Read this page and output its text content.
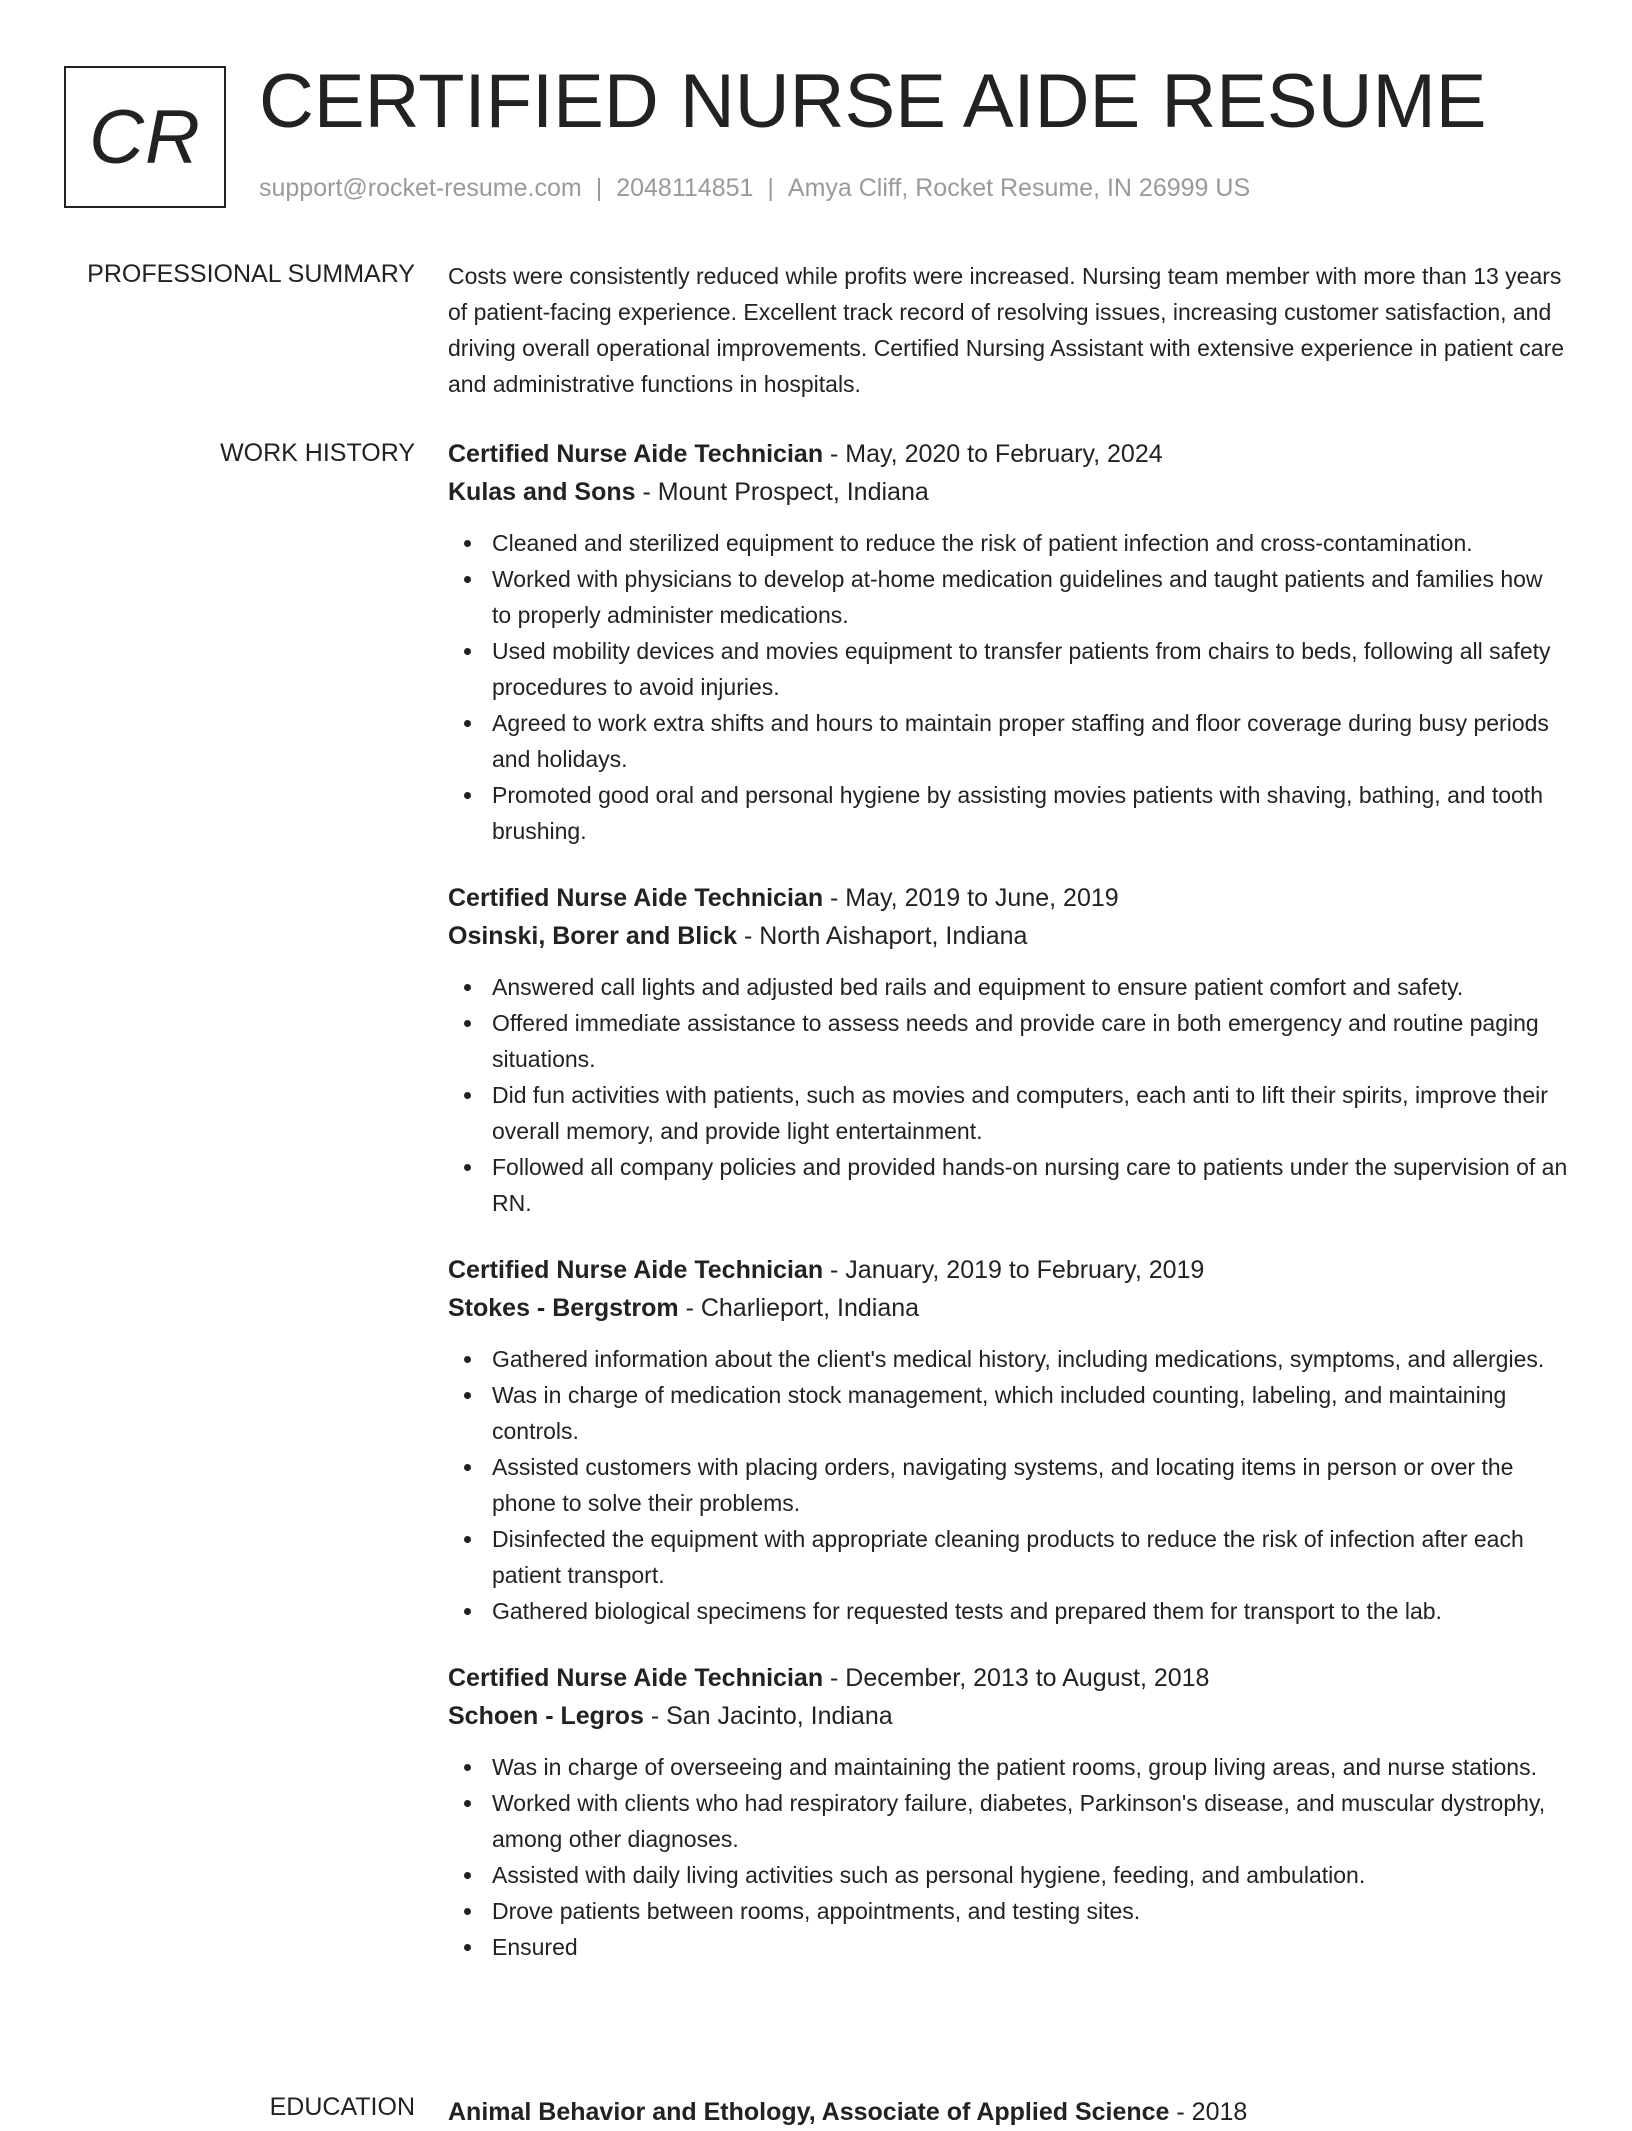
CR CERTIFIED NURSE AIDE RESUME
support@rocket-resume.com | 2048114851 | Amya Cliff, Rocket Resume, IN 26999 US
PROFESSIONAL SUMMARY Costs were consistently reduced while profits were increased. Nursing team member with more than 13 years of patient-facing experience. Excellent track record of resolving issues, increasing customer satisfaction, and driving overall operational improvements. Certified Nursing Assistant with extensive experience in patient care and administrative functions in hospitals.

WORK HISTORY Certified Nurse Aide Technician - May, 2020 to February, 2024

Kulas and Sons - Mount Prospect, Indiana

Cleaned and sterilized equipment to reduce the risk of patient infection and cross-contamination.
Worked with physicians to develop at-home medication guidelines and taught patients and families how to properly administer medications.
Used mobility devices and movies equipment to transfer patients from chairs to beds, following all safety procedures to avoid injuries.
Agreed to work extra shifts and hours to maintain proper staffing and floor coverage during busy periods and holidays.
Promoted good oral and personal hygiene by assisting movies patients with shaving, bathing, and tooth brushing.

Certified Nurse Aide Technician - May, 2019 to June, 2019

Osinski, Borer and Blick - North Aishaport, Indiana

Answered call lights and adjusted bed rails and equipment to ensure patient comfort and safety.
Offered immediate assistance to assess needs and provide care in both emergency and routine paging situations.
Did fun activities with patients, such as movies and computers, each anti to lift their spirits, improve their overall memory, and provide light entertainment.
Followed all company policies and provided hands-on nursing care to patients under the supervision of an RN.

Certified Nurse Aide Technician - January, 2019 to February, 2019

Stokes - Bergstrom - Charlieport, Indiana

Gathered information about the client's medical history, including medications, symptoms, and allergies.
Was in charge of medication stock management, which included counting, labeling, and maintaining controls.
Assisted customers with placing orders, navigating systems, and locating items in person or over the phone to solve their problems.
Disinfected the equipment with appropriate cleaning products to reduce the risk of infection after each patient transport.
Gathered biological specimens for requested tests and prepared them for transport to the lab.

Certified Nurse Aide Technician - December, 2013 to August, 2018

Schoen - Legros - San Jacinto, Indiana

Was in charge of overseeing and maintaining the patient rooms, group living areas, and nurse stations.
Worked with clients who had respiratory failure, diabetes, Parkinson's disease, and muscular dystrophy, among other diagnoses.
Assisted with daily living activities such as personal hygiene, feeding, and ambulation.
Drove patients between rooms, appointments, and testing sites.
Ensured
EDUCATION Animal Behavior and Ethology, Associate of Applied Science - 2018
